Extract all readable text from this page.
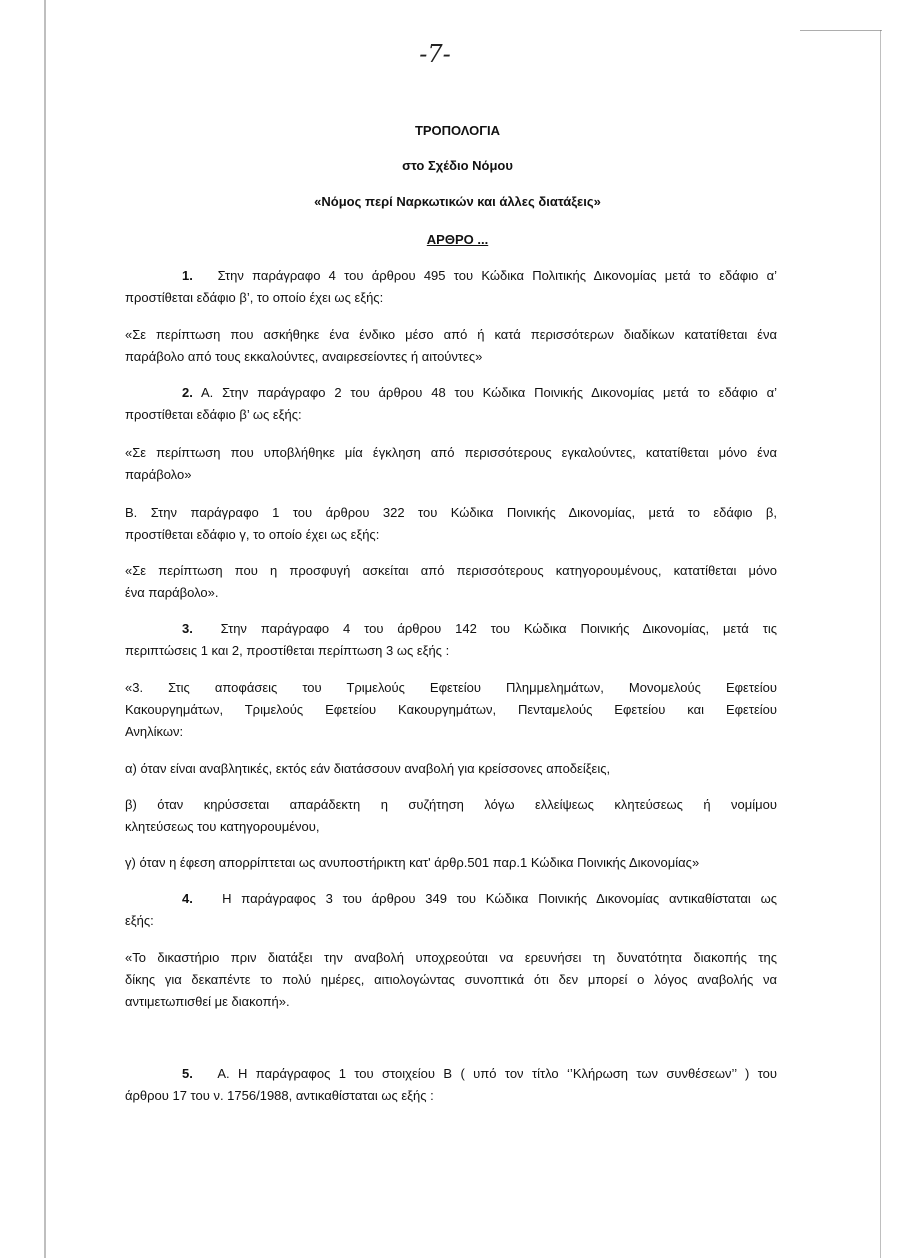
-7-
ΤΡΟΠΟΛΟΓΙΑ
στο Σχέδιο Νόμου
«Νόμος περί Ναρκωτικών και άλλες διατάξεις»
ΑΡΘΡΟ ...

1. Στην παράγραφο 4 του άρθρου 495 του Κώδικα Πολιτικής Δικονομίας μετά το εδάφιο α’
προστίθεται εδάφιο β’, το οποίο έχει ως εξής:

«Σε περίπτωση που ασκήθηκε ένα ένδικο μέσο από ή κατά περισσότερων διαδίκων κατατίθεται ένα
παράβολο από τους εκκαλούντες, αναιρεσείοντες ή αιτούντες»

2. Α. Στην παράγραφο 2 του άρθρου 48 του Κώδικα Ποινικής Δικονομίας μετά το εδάφιο α’
προστίθεται εδάφιο β’ ως εξής:

«Σε περίπτωση που υποβλήθηκε μία έγκληση από περισσότερους εγκαλούντες, κατατίθεται μόνο ένα
παράβολο»

Β. Στην παράγραφο 1 του άρθρου 322 του Κώδικα Ποινικής Δικονομίας, μετά το εδάφιο β,
προστίθεται εδάφιο γ, το οποίο έχει ως εξής:

«Σε περίπτωση που η προσφυγή ασκείται από περισσότερους κατηγορουμένους, κατατίθεται μόνο
ένα παράβολο».

3. Στην παράγραφο 4 του άρθρου 142 του Κώδικα Ποινικής Δικονομίας, μετά τις
περιπτώσεις 1 και 2, προστίθεται περίπτωση 3 ως εξής :

«3. Στις αποφάσεις του Τριμελούς Εφετείου Πλημμελημάτων, Μονομελούς Εφετείου
Κακουργημάτων, Τριμελούς Εφετείου Κακουργημάτων, Πενταμελούς Εφετείου και Εφετείου
Ανηλίκων:

α) όταν είναι αναβλητικές, εκτός εάν διατάσσουν αναβολή για κρείσσονες αποδείξεις,

β) όταν κηρύσσεται απαράδεκτη η συζήτηση λόγω ελλείψεως κλητεύσεως ή νομίμου
κλητεύσεως του κατηγορουμένου,

γ) όταν η έφεση απορρίπτεται ως ανυποστήρικτη κατ' άρθρ.501 παρ.1 Κώδικα Ποινικής Δικονομίας»

4. Η παράγραφος 3 του άρθρου 349 του Κώδικα Ποινικής Δικονομίας αντικαθίσταται ως
εξής:

«Το δικαστήριο πριν διατάξει την αναβολή υποχρεούται να ερευνήσει τη δυνατότητα διακοπής της
δίκης για δεκαπέντε το πολύ ημέρες, αιτιολογώντας συνοπτικά ότι δεν μπορεί ο λόγος αναβολής να
αντιμετωπισθεί με διακοπή».

5. Α. Η παράγραφος 1 του στοιχείου Β ( υπό τον τίτλο ‘’Κλήρωση των συνθέσεων’’ ) του
άρθρου 17 του ν. 1756/1988, αντικαθίσταται ως εξής :
